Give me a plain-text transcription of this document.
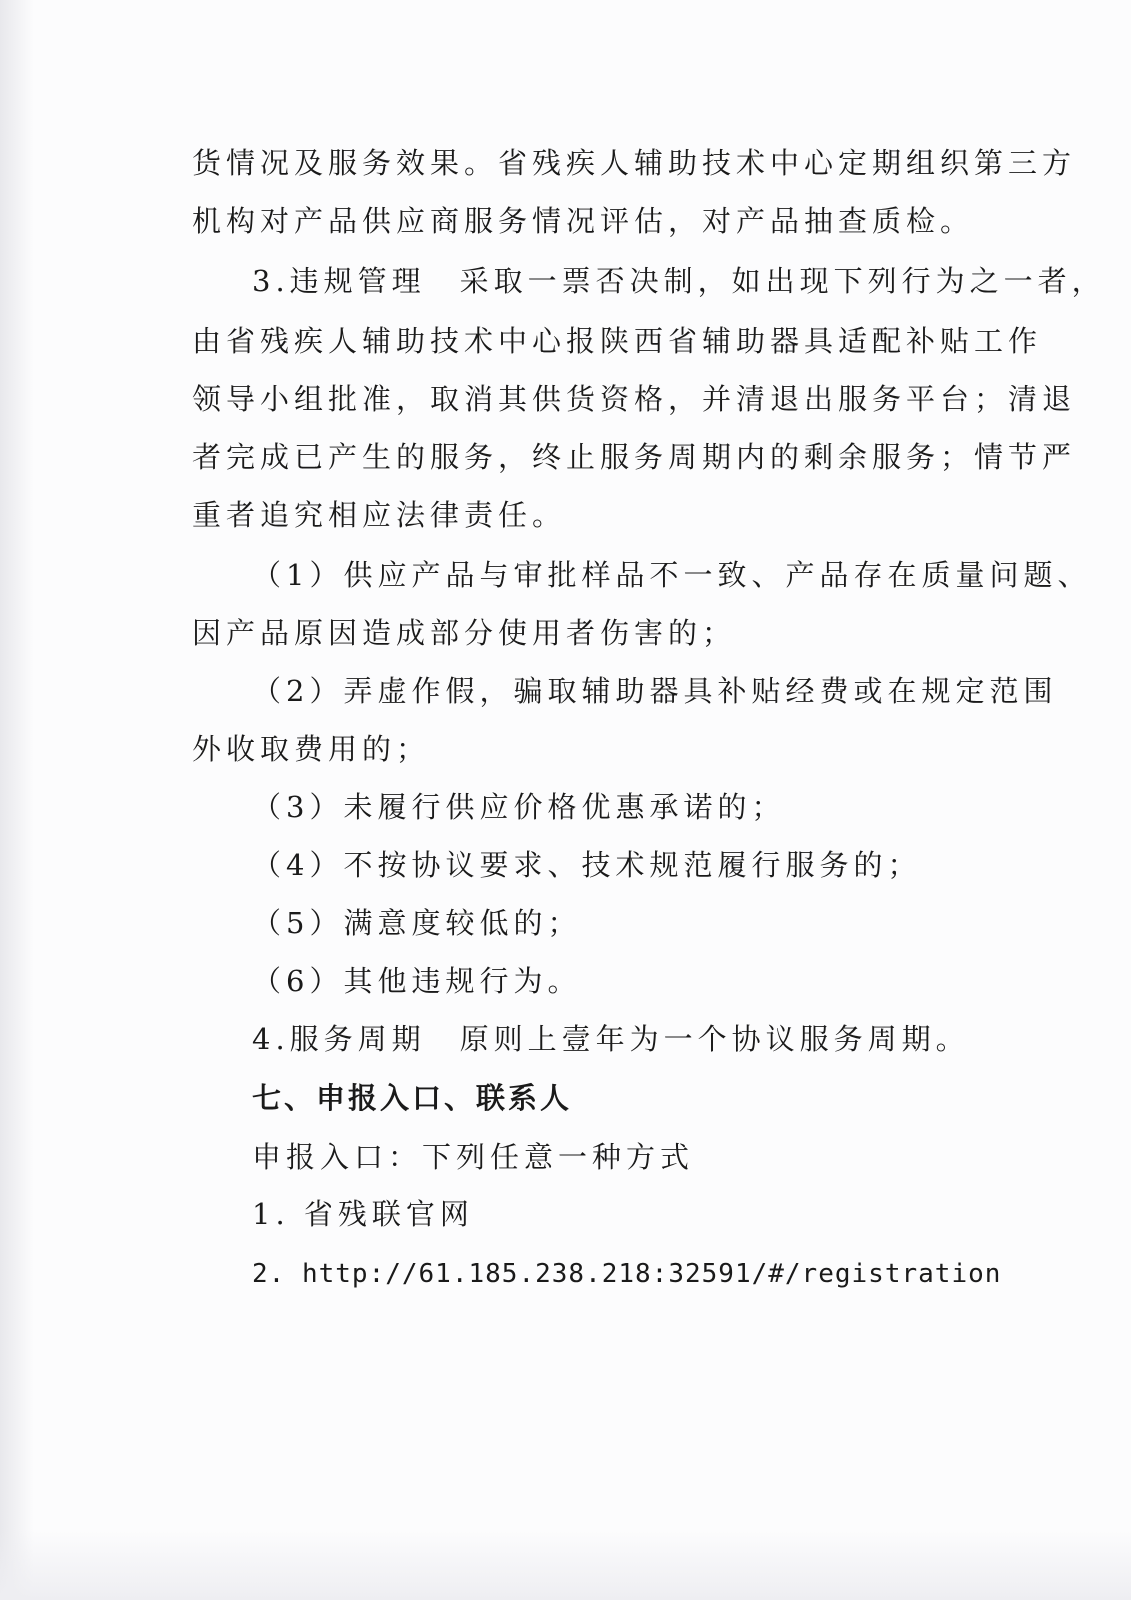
货情况及服务效果。省残疾人辅助技术中心定期组织第三方
机构对产品供应商服务情况评估，对产品抽查质检。
3.违规管理　采取一票否决制，如出现下列行为之一者，
由省残疾人辅助技术中心报陕西省辅助器具适配补贴工作
领导小组批准，取消其供货资格，并清退出服务平台；清退
者完成已产生的服务，终止服务周期内的剩余服务；情节严
重者追究相应法律责任。
（1）供应产品与审批样品不一致、产品存在质量问题、
因产品原因造成部分使用者伤害的；
（2）弄虚作假，骗取辅助器具补贴经费或在规定范围
外收取费用的；
（3）未履行供应价格优惠承诺的；
（4）不按协议要求、技术规范履行服务的；
（5）满意度较低的；
（6）其他违规行为。
4.服务周期　原则上壹年为一个协议服务周期。
七、申报入口、联系人
申报入口：下列任意一种方式
1. 省残联官网
2. http://61.185.238.218:32591/#/registration
